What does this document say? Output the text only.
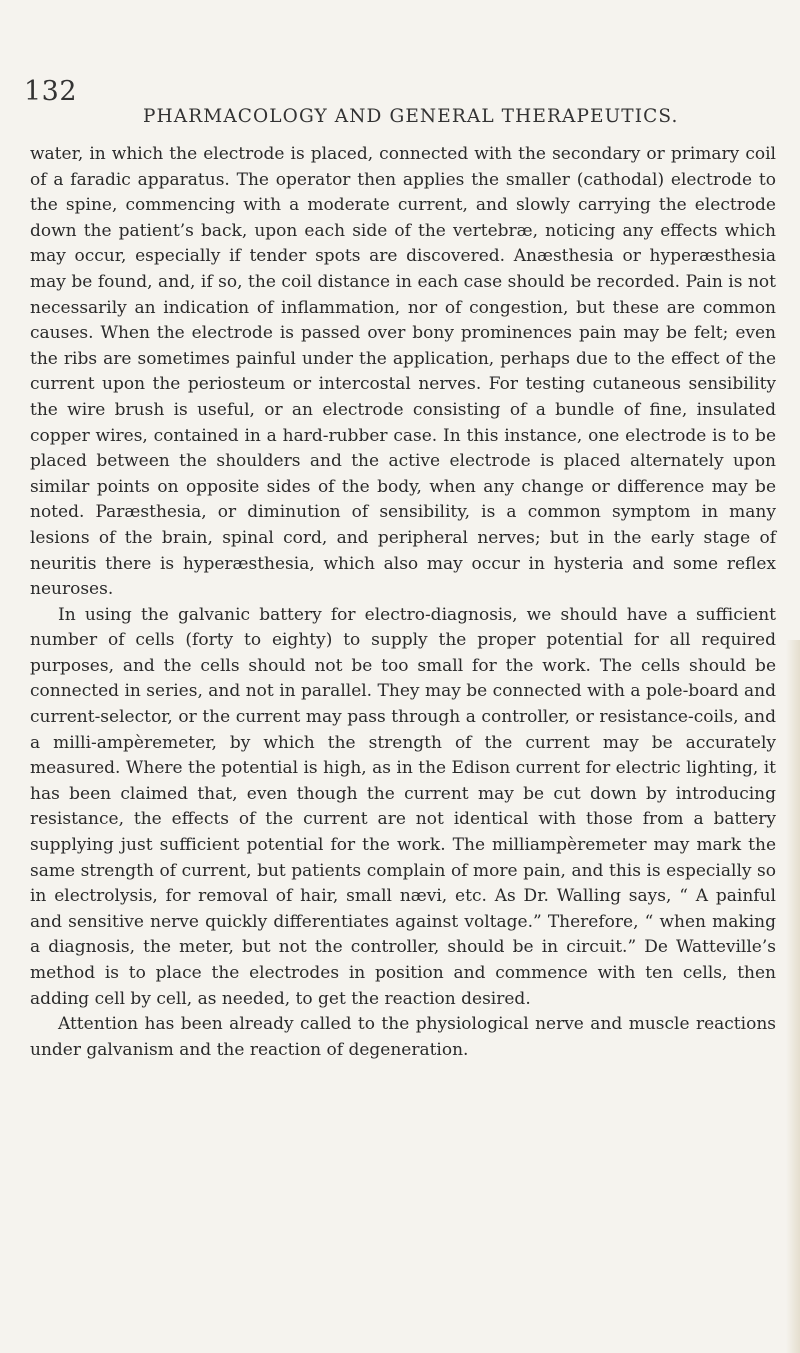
132
PHARMACOLOGY AND GENERAL THERAPEUTICS.

water, in which the electrode is placed, connected with the secondary or primary coil of a faradic apparatus. The operator then applies the smaller (cathodal) electrode to the spine, commencing with a moderate current, and slowly carrying the electrode down the patient’s back, upon each side of the vertebræ, noticing any effects which may occur, especially if tender spots are discovered. Anæsthesia or hyperæsthesia may be found, and, if so, the coil distance in each case should be recorded. Pain is not necessarily an indication of inflammation, nor of congestion, but these are common causes. When the electrode is passed over bony prominences pain may be felt; even the ribs are sometimes painful under the application, perhaps due to the effect of the current upon the periosteum or intercostal nerves. For testing cutaneous sensibility the wire brush is useful, or an electrode consisting of a bundle of fine, insulated copper wires, contained in a hard-rubber case. In this instance, one electrode is to be placed between the shoulders and the active electrode is placed alternately upon similar points on opposite sides of the body, when any change or difference may be noted. Paræsthesia, or diminution of sensibility, is a common symptom in many lesions of the brain, spinal cord, and peripheral nerves; but in the early stage of neuritis there is hyperæsthesia, which also may occur in hysteria and some reflex neuroses.

In using the galvanic battery for electro-diagnosis, we should have a sufficient number of cells (forty to eighty) to supply the proper potential for all required purposes, and the cells should not be too small for the work. The cells should be connected in series, and not in parallel. They may be connected with a pole-board and current-selector, or the current may pass through a controller, or resistance-coils, and a milli-ampèremeter, by which the strength of the current may be accurately measured. Where the potential is high, as in the Edison current for electric lighting, it has been claimed that, even though the current may be cut down by introducing resistance, the effects of the current are not identical with those from a battery supplying just sufficient potential for the work. The milliampèremeter may mark the same strength of current, but patients complain of more pain, and this is especially so in electrolysis, for removal of hair, small nævi, etc. As Dr. Walling says, “ A painful and sensitive nerve quickly differentiates against voltage.” Therefore, “ when making a diagnosis, the meter, but not the controller, should be in circuit.” De Watteville’s method is to place the electrodes in position and commence with ten cells, then adding cell by cell, as needed, to get the reaction desired.

Attention has been already called to the physiological nerve and muscle reactions under galvanism and the reaction of degeneration.
